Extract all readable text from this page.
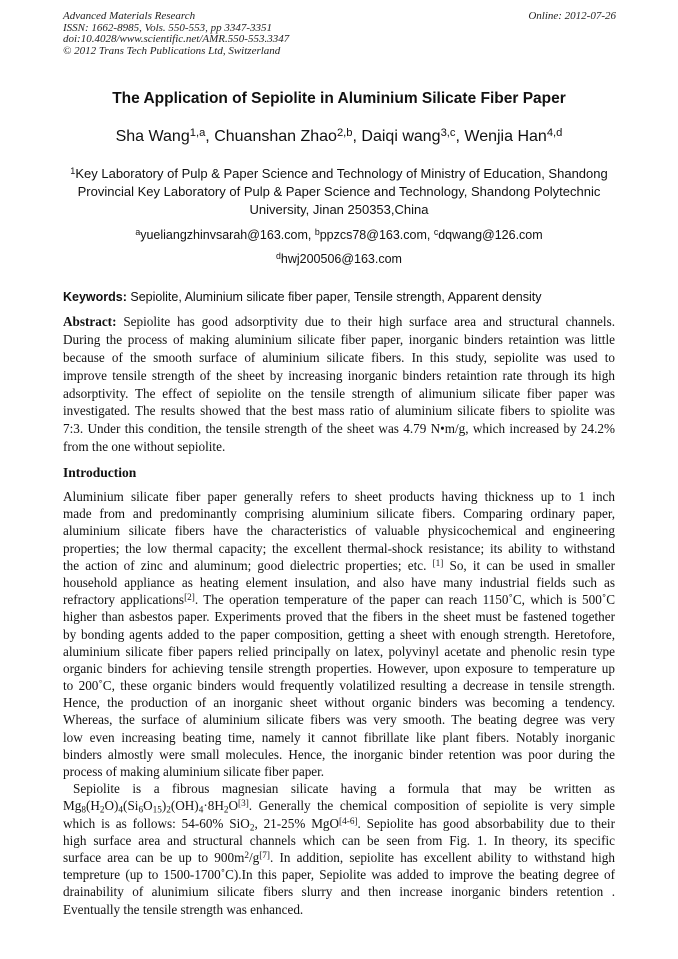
Advanced Materials Research
ISSN: 1662-8985, Vols. 550-553, pp 3347-3351
doi:10.4028/www.scientific.net/AMR.550-553.3347
© 2012 Trans Tech Publications Ltd, Switzerland
Online: 2012-07-26
The Application of Sepiolite in Aluminium Silicate Fiber Paper
Sha Wang$^{1,a}$, Chuanshan Zhao$^{2,b}$, Daiqi wang$^{3,c}$, Wenjia Han$^{4,d}$
$^1$Key Laboratory of Pulp & Paper Science and Technology of Ministry of Education, Shandong Provincial Key Laboratory of Pulp & Paper Science and Technology, Shandong Polytechnic University, Jinan 250353,China
$^a$yueliangzhinvsarah@163.com, $^b$ppzcs78@163.com, $^c$dqwang@126.com
$^d$hwj200506@163.com
Keywords: Sepiolite, Aluminium silicate fiber paper, Tensile strength, Apparent density
Abstract: Sepiolite has good adsorptivity due to their high surface area and structural channels.
During the process of making aluminium silicate fiber paper, inorganic binders retaintion was little
because of the smooth surface of aluminium silicate fibers. In this study, sepiolite was used to
improve tensile strength of the sheet by increasing inorganic binders retaintion rate through its high
adsorptivity. The effect of sepiolite on the tensile strength of alimunium silicate fiber paper was
investigated. The results showed that the best mass ratio of aluminium silicate fibers to spiolite was
7:3. Under this condition, the tensile strength of the sheet was 4.79 N•m/g, which increased by 24.2%
from the one without sepiolite.
Introduction
Aluminium silicate fiber paper generally refers to sheet products having thickness up to 1 inch
made from and predominantly comprising aluminium silicate fibers. Comparing ordinary paper,
aluminium silicate fibers have the characteristics of valuable physicochemical and engineering
properties; the low thermal capacity; the excellent thermal-shock resistance; its ability to withstand
the action of zinc and aluminum; good dielectric properties; etc. [1] So, it can be used in smaller
household appliance as heating element insulation, and also have many industrial fields such as
refractory applications[2]. The operation temperature of the paper can reach 1150˚C, which is 500˚C
higher than asbestos paper. Experiments proved that the fibers in the sheet must be fastened together
by bonding agents added to the paper composition, getting a sheet with enough strength. Heretofore,
aluminium silicate fiber papers relied principally on latex, polyvinyl acetate and phenolic resin type
organic binders for achieving tensile strength properties. However, upon exposure to temperature up
to 200˚C, these organic binders would frequently volatilized resulting a decrease in tensile strength.
Hence, the production of an inorganic sheet without organic binders was becoming a tendency.
Whereas, the surface of aluminium silicate fibers was very smooth. The beating degree was very
low even increasing beating time, namely it cannot fibrillate like plant fibers. Notably inorganic
binders almostly were small molecules. Hence, the inorganic binder retention was poor during the
process of making aluminium silicate fiber paper.
Sepiolite is a fibrous magnesian silicate having a formula that may be written as
$Mg_8(H_2O)_4(Si_6O_{15})_2(OH)_4\cdot 8H_2O[3]$. Generally the chemical composition of sepiolite is very simple
which is as follows: 54-60% SiO$_2$, 21-25% MgO[4-6]. Sepiolite has good absorbability due to their
high surface area and structural channels which can be seen from Fig. 1. In theory, its specific
surface area can be up to $900m^2/g[7]$. In addition, sepiolite has excellent ability to withstand high
tempreture (up to 1500-1700˚C).In this paper, Sepiolite was added to improve the beating degree of
drainability of alunimium silicate fibers slurry and then increase inorganic binders retention .
Eventually the tensile strength was enhanced.
